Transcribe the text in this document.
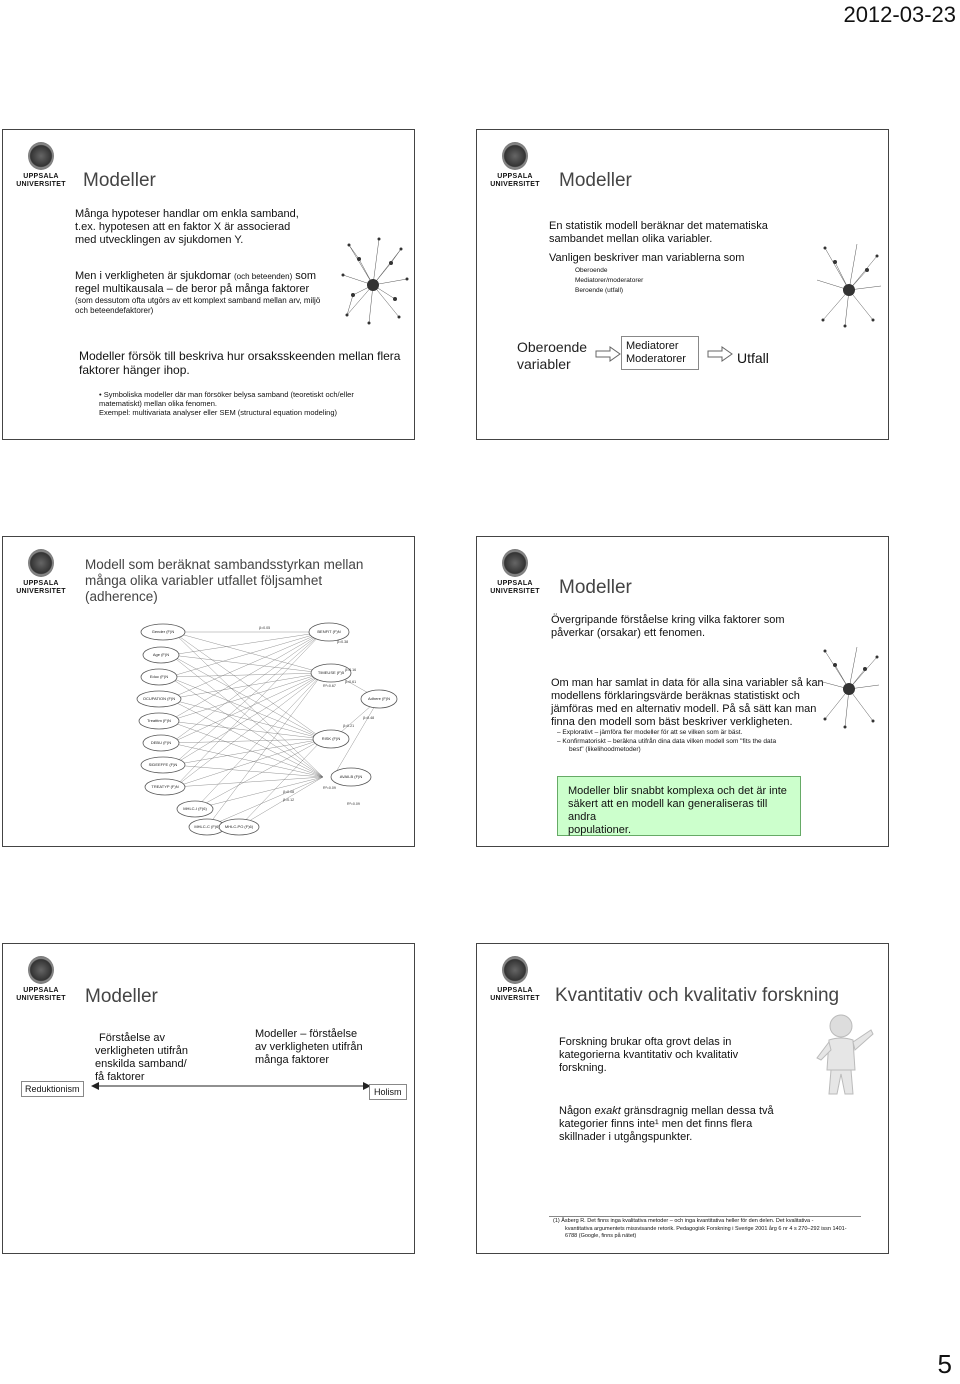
2012-03-23
UPPSALA
UNIVERSITET Modeller
Många hypoteser handlar om enkla samband,
t.ex. hypotesen att en faktor X är associerad
med utvecklingen av sjukdomen Y.
Men i verkligheten är sjukdomar (och beteenden) som
regel multikausala – de beror på många faktorer
(som dessutom ofta utgörs av ett komplext samband mellan arv, miljö
och beteendefaktorer)
Modeller försök till beskriva hur orsaksskeenden mellan flera
faktorer hänger ihop.
• Symboliska modeller där man försöker belysa samband (teoretiskt och/eller
matematiskt) mellan olika fenomen.
Exempel: multivariata analyser eller SEM (structural equation modeling)
UPPSALA
UNIVERSITET Modeller
En statistik modell beräknar det matematiska
sambandet mellan olika variabler.
Vanligen beskriver man variablerna som
Oberoende
Mediatorer/moderatorer
Beroende (utfall)
Oberoende
variabler
Mediatorer
Moderatorer	Utfall
UPPSALA
UNIVERSITET
Modell som beräknat sambandsstyrkan mellan
många olika variabler utfallet följsamhet
(adherence)
Gender (F)N
Age (F)N
Educ (F)N
OCUPATION (F)N
Treatttm (F)N
DEBU (F)N
SIDEEFFE (F)N
TREATYP (F)N
MHLC-I (F)6)
MHLC-C (F)6) MHLC-PO (F)6)
BENFIT (F)N
TIMEUSE (F)5
RISK (F)N
AVAILB (F)N
Adhere (F)N
β=0.05
β=0.38
R²=0.67
R²=0.09
β=0.16
β=0.61
β=0.21
β=0.48
β=0.08
β=0.12
R²=0.09
UPPSALA
UNIVERSITET Modeller
Övergripande förståelse kring vilka faktorer som
påverkar (orsakar) ett fenomen.
Om man har samlat in data för alla sina variabler så kan
modellens förklaringsvärde beräknas statistiskt och
jämföras med en alternativ modell. På så sätt kan man
finna den modell som bäst beskriver verkligheten.
– Explorativt – jämföra fler modeller för att se vilken som är bäst.
– Konfirmatoriskt – beräkna utifrån dina data vilken modell som "fits the data
best" (likelihoodmetoder)
Modeller blir snabbt komplexa och det är inte
säkert att en modell kan generaliseras till andra
populationer.
UPPSALA
UNIVERSITET Modeller
Förståelse av
verkligheten utifrån
enskilda samband/
få faktorer
Modeller – förståelse
av verkligheten utifrån
många faktorer
Reduktionism	Holism
UPPSALA
UNIVERSITET Kvantitativ och kvalitativ forskning
Forskning brukar ofta grovt delas in
kategorierna kvantitativ och kvalitativ
forskning.
Någon exakt gränsdragnig mellan dessa två
kategorier finns inte¹ men det finns flera
skillnader i utgångspunkter.
(1) Åsberg R. Det finns inga kvalitativa metoder – och inga kvantitativa heller för den delen. Det kvalitativa -
kvantitativa argumentets missvisande retorik. Pedagogisk Forskning i Sverige 2001 årg 6 nr 4 s 270–292 issn 1401-
6788 (Google, finns på nätet)
5
